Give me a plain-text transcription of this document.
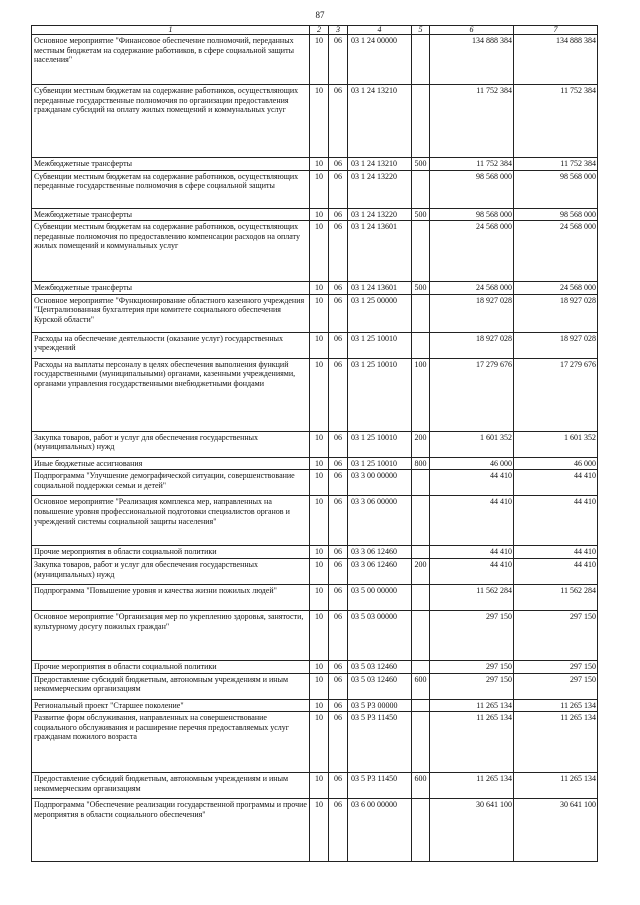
87
1	2	3	4	5	6	7
Основное мероприятие "Финансовое обеспечение полномочий, переданных местным бюджетам на содержание работников, в сфере социальной защиты населения"	10	06	03 1 24 00000		134 888 384	134 888 384
Субвенции местным бюджетам на содержание работников, осуществляющих переданные государственные полномочия по организации предоставления гражданам субсидий на оплату жилых помещений и коммунальных услуг	10	06	03 1 24 13210		11 752 384	11 752 384
Межбюджетные трансферты	10	06	03 1 24 13210	500	11 752 384	11 752 384
Субвенции местным бюджетам на содержание работников, осуществляющих переданные государственные полномочия в сфере социальной защиты	10	06	03 1 24 13220		98 568 000	98 568 000
Межбюджетные трансферты	10	06	03 1 24 13220	500	98 568 000	98 568 000
Субвенции местным бюджетам на содержание работников, осуществляющих переданные полномочия по предоставлению компенсации расходов на оплату жилых помещений и коммунальных услуг	10	06	03 1 24 13601		24 568 000	24 568 000
Межбюджетные трансферты	10	06	03 1 24 13601	500	24 568 000	24 568 000
Основное мероприятие "Функционирование областного казенного учреждения "Централизованная бухгалтерия при комитете социального обеспечения Курской области"	10	06	03 1 25 00000		18 927 028	18 927 028
Расходы на обеспечение деятельности (оказание услуг) государственных учреждений	10	06	03 1 25 10010		18 927 028	18 927 028
Расходы на выплаты персоналу в целях обеспечения выполнения функций государственными (муниципальными) органами, казенными учреждениями, органами управления государственными внебюджетными фондами	10	06	03 1 25 10010	100	17 279 676	17 279 676
Закупка товаров, работ и услуг для обеспечения государственных (муниципальных) нужд	10	06	03 1 25 10010	200	1 601 352	1 601 352
Иные бюджетные ассигнования	10	06	03 1 25 10010	800	46 000	46 000
Подпрограмма "Улучшение демографической ситуации, совершенствование социальной поддержки семьи и детей"	10	06	03 3 00 00000		44 410	44 410
Основное мероприятие "Реализация комплекса мер, направленных на повышение уровня профессиональной подготовки специалистов органов и учреждений системы социальной защиты населения"	10	06	03 3 06 00000		44 410	44 410
Прочие мероприятия в области социальной политики	10	06	03 3 06 12460		44 410	44 410
Закупка товаров, работ и услуг для обеспечения государственных (муниципальных) нужд	10	06	03 3 06 12460	200	44 410	44 410
Подпрограмма "Повышение уровня и качества жизни пожилых людей"	10	06	03 5 00 00000		11 562 284	11 562 284
Основное мероприятие "Организация мер по укреплению здоровья, занятости, культурному досугу пожилых граждан"	10	06	03 5 03 00000		297 150	297 150
Прочие мероприятия в области социальной политики	10	06	03 5 03 12460		297 150	297 150
Предоставление субсидий бюджетным, автономным учреждениям и иным некоммерческим организациям	10	06	03 5 03 12460	600	297 150	297 150
Региональный проект "Старшее поколение"	10	06	03 5 P3 00000		11 265 134	11 265 134
Развитие форм обслуживания, направленных на совершенствование социального обслуживания и расширение перечня предоставляемых услуг гражданам пожилого возраста	10	06	03 5 P3 11450		11 265 134	11 265 134
Предоставление субсидий бюджетным, автономным учреждениям и иным некоммерческим организациям	10	06	03 5 P3 11450	600	11 265 134	11 265 134
Подпрограмма "Обеспечение реализации государственной программы и прочие мероприятия в области социального обеспечения"	10	06	03 6 00 00000		30 641 100	30 641 100
